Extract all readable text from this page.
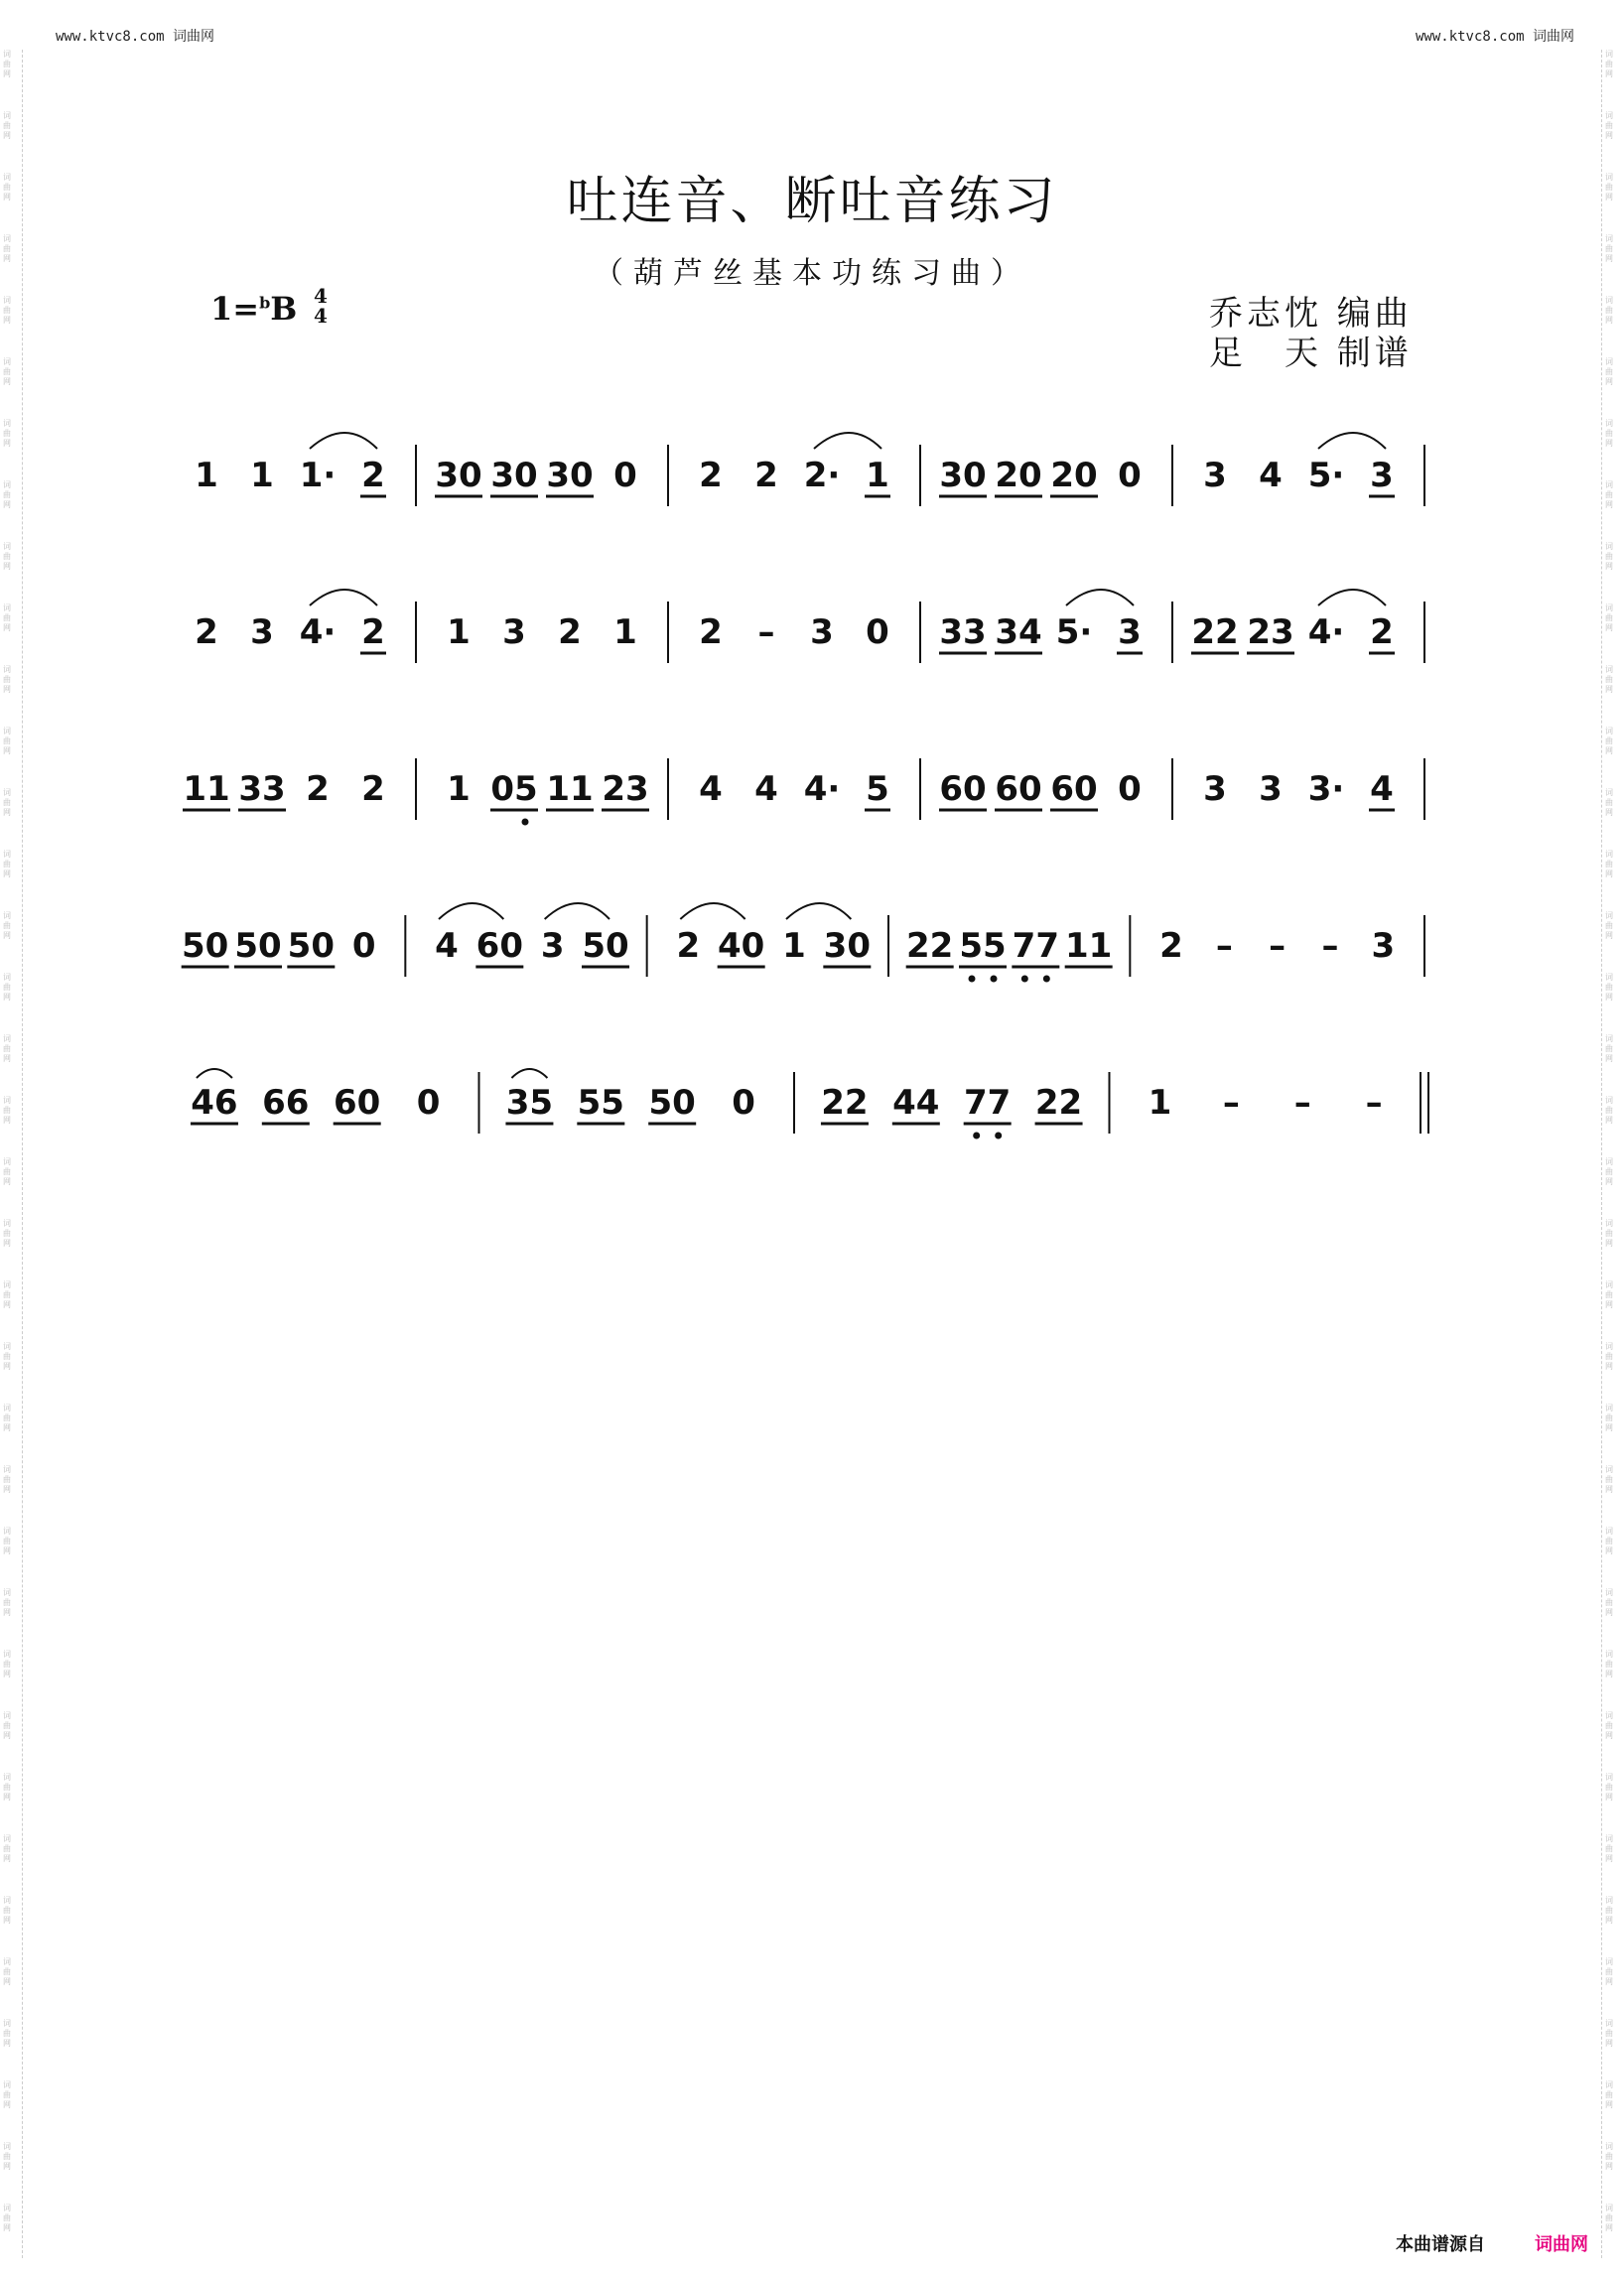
www.ktvc8.com 词曲网	www.ktvc8.com 词曲网
词
曲
网
词
曲
网
词
曲
网
词
曲
网
词
曲
网
词
曲
网
词
曲
网
词
曲
网
词
曲
网
词
曲
网
词
曲
网
词
曲
网
词
曲
网
词
曲
网
词
曲
网
词
曲
网
词
曲
网
词
曲
网
词
曲
网
词
曲
网
词
曲
网
词
曲
网
词
曲
网
词
曲
网
词
曲
网
词
曲
网
词
曲
网
词
曲
网
词
曲
网
词
曲
网
词
曲
网
词
曲
网
词
曲
网
词
曲
网
词
曲
网
词
曲
网
词
曲
网
词
曲
网
词
曲
网
词
曲
网
词
曲
网
词
曲
网
词
曲
网
词
曲
网
词
曲
网
词
曲
网
词
曲
网
词
曲
网
词
曲
网
词
曲
网
词
曲
网
词
曲
网
词
曲
网
词
曲
网
词
曲
网
词
曲
网
词
曲
网
词
曲
网
词
曲
网
词
曲
网
词
曲
网
词
曲
网
词
曲
网
词
曲
网
词
曲
网
词
曲
网
词
曲
网
词
曲
网
词
曲
网
词
曲
网
词
曲
网
词
曲
网
吐连音、断吐音练习
（葫芦丝基本功练习曲）
1=$^b$B 4
4	乔志忱 编曲
足　天 制谱
1 1 1· 2 30 30 30 0 2 2 2· 1 30 20 20 0 3 4 5· 3
2 3 4· 2 1 3 2 1 2 – 3 0 33 34 5· 3 22 23 4· 2
11 33 2 2 1 05 11 23 4 4 4· 5 60 60 60 0 3 3 3· 4
50 50 50 0 4 60 3 50 2 40 1 30 22 55 77 11 2 – – – 3
46 66 60 0 35 55 50 0 22 44 77 22 1 – – –
本曲谱源自	词曲网
